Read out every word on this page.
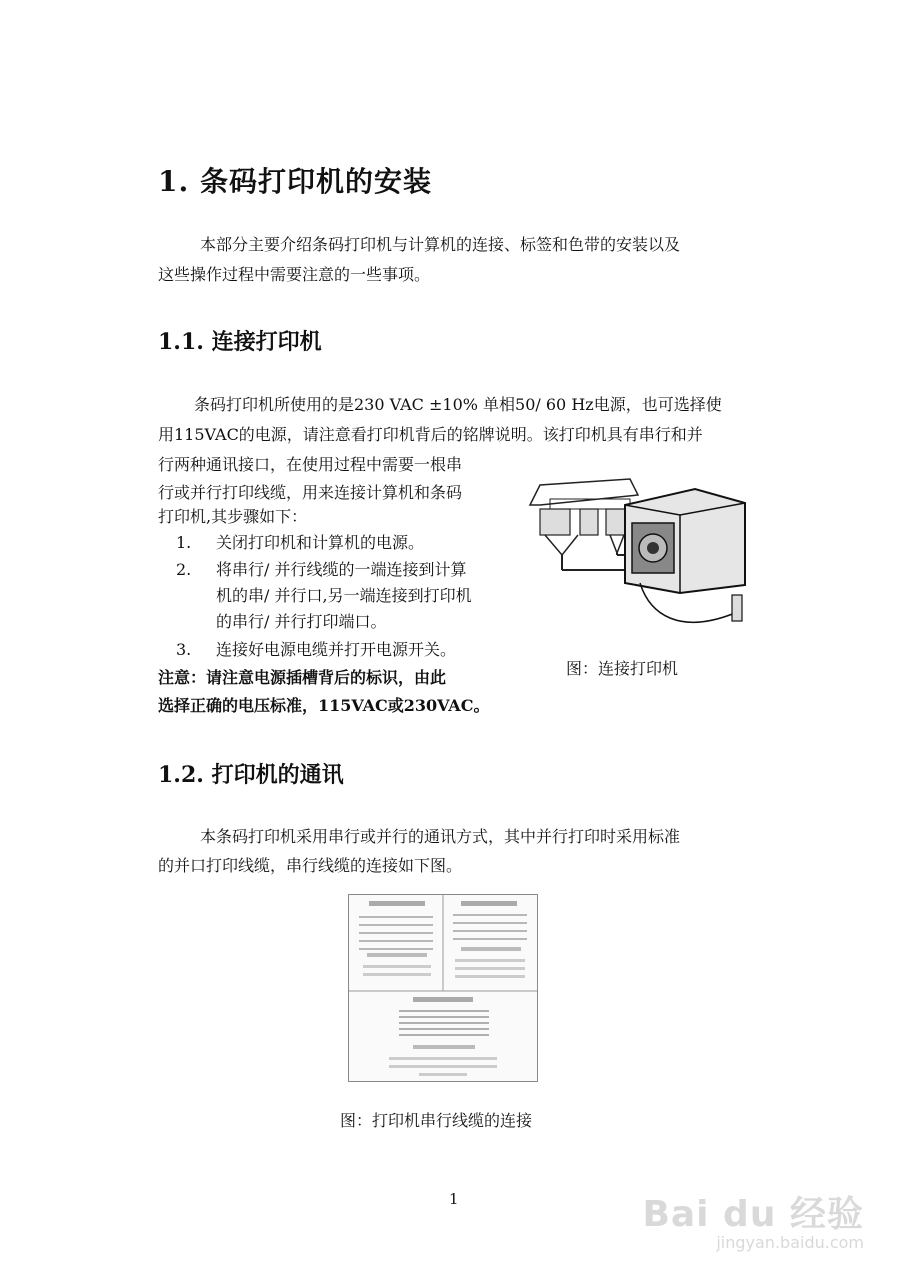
1. 条码打印机的安装
本部分主要介绍条码打印机与计算机的连接、标签和色带的安装以及
这些操作过程中需要注意的一些事项。
1.1. 连接打印机
条码打印机所使用的是230 VAC ±10% 单相50/ 60 Hz电源，也可选择使
用115VAC的电源，请注意看打印机背后的铭牌说明。该打印机具有串行和并
行两种通讯接口，在使用过程中需要一根串
行或并行打印线缆，用来连接计算机和条码
打印机,其步骤如下：
1. 关闭打印机和计算机的电源。
2. 将串行/ 并行线缆的一端连接到计算
机的串/ 并行口,另一端连接到打印机
的串行/ 并行打印端口。
3. 连接好电源电缆并打开电源开关。
注意：请注意电源插槽背后的标识，由此
选择正确的电压标准，115VAC或230VAC。
图：连接打印机
1.2. 打印机的通讯
本条码打印机采用串行或并行的通讯方式，其中并行打印时采用标准
的并口打印线缆，串行线缆的连接如下图。
图：打印机串行线缆的连接
1	Bai du 经验
jingyan.baidu.com
